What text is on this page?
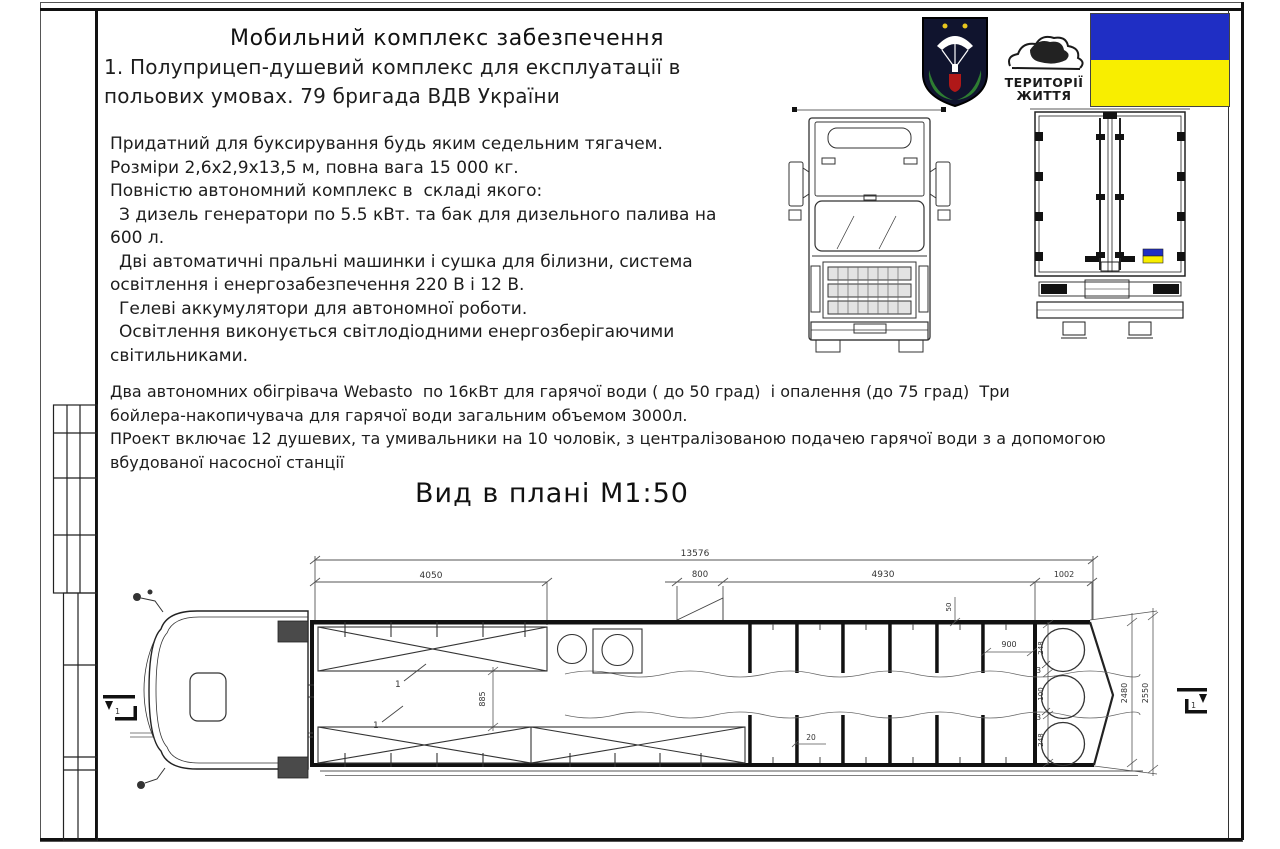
Мобильний комплекс забезпечення
1. Полуприцеп-душевий комплекс для експлуатації в
польових умовах. 79 бригада ВДВ України
ТЕРИТОРІЇ
ЖИТТЯ
Придатний для буксирування будь яким седельним тягачем.
Розміри 2,6х2,9х13,5 м, повна вага 15 000 кг.
Повністю автономний комплекс в  складі якого:
З дизель генератори по 5.5 кВт. та бак для дизельного палива на
600 л.
Дві автоматичні пральні машинки і сушка для білизни, система
освітлення і енергозабезпечення 220 В і 12 В.
Гелеві аккумулятори для автономної роботи.
Освітлення виконується світлодіодними енергозберігаючими
світильниками.
Два автономних обігрівача Webasto  по 16кВт для гарячої води ( до 50 град)  і опалення (до 75 град)  Три
бойлера-накопичувача для гарячої води загальним объемом 3000л.
ПРоект включає 12 душевих, та умивальники на 10 чоловік, з централізованою подачею гарячої води з а допомогою
вбудованої насосної станції
Вид в плані М1:50
13576
4050	800	4930	1002
885
1
1
900
50
248
100
248
3
3
2480 2550
20
1
1
